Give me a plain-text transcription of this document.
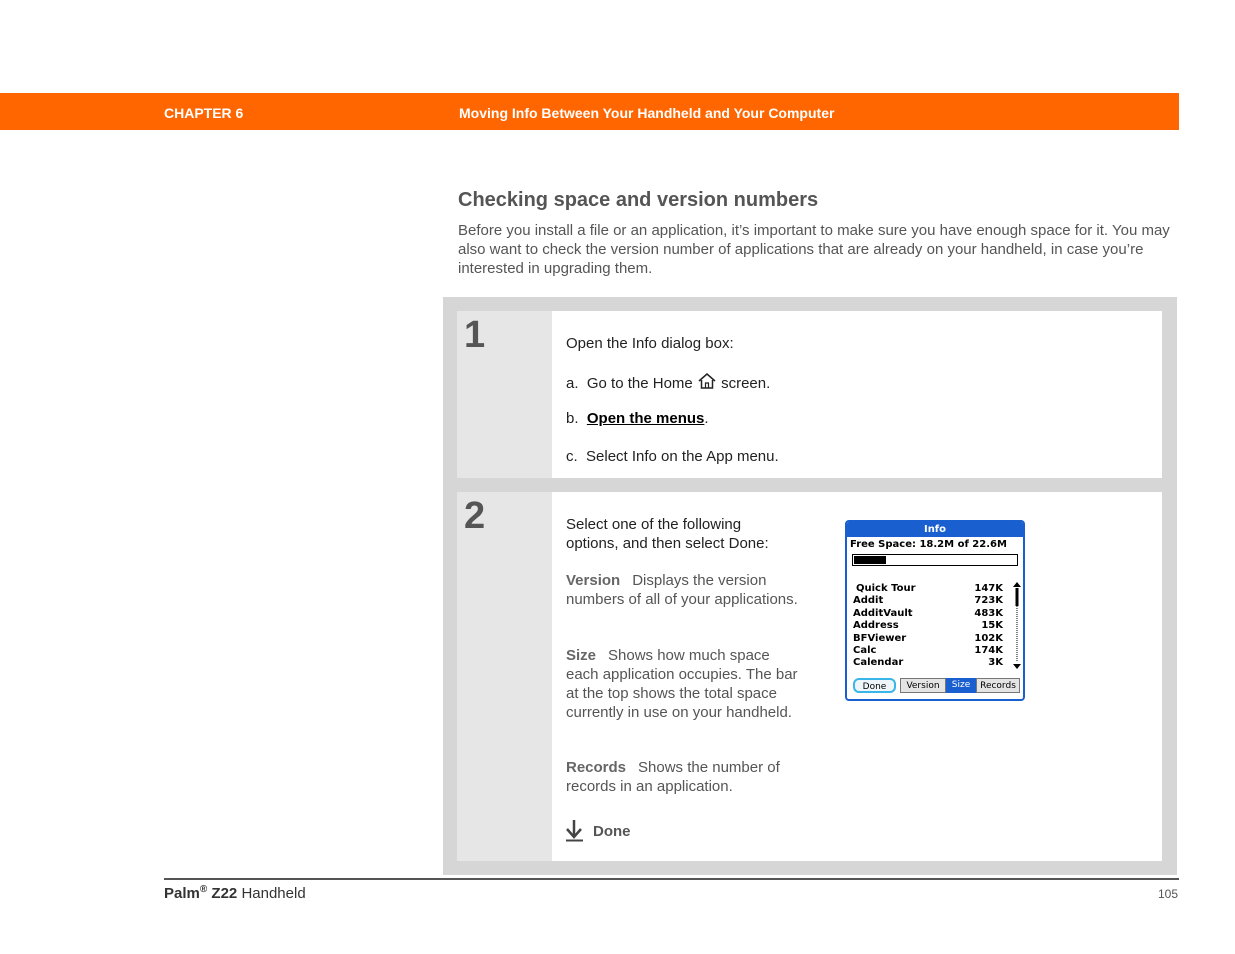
CHAPTER 6	Moving Info Between Your Handheld and Your Computer
Checking space and version numbers
Before you install a file or an application, it’s important to make sure you have enough space for it. You may also want to check the version number of applications that are already on your handheld, in case you’re interested in upgrading them.
1	Open the Info dialog box:
a. Go to the Home screen.
b. Open the menus.
c. Select Info on the App menu.
2	Select one of the following options, and then select Done:
Version Displays the version numbers of all of your applications.
Size Shows how much space each application occupies. The bar at the top shows the total space currently in use on your handheld.
Records Shows the number of records in an application.
Done
Info
Free Space: 18.2M of 22.6M
Quick Tour	147K
Addit	723K
AdditVault	483K
Address	15K
BFViewer	102K
Calc	174K
Calendar	3K
Done	Version	Size	Records
Palm® Z22 Handheld	105
